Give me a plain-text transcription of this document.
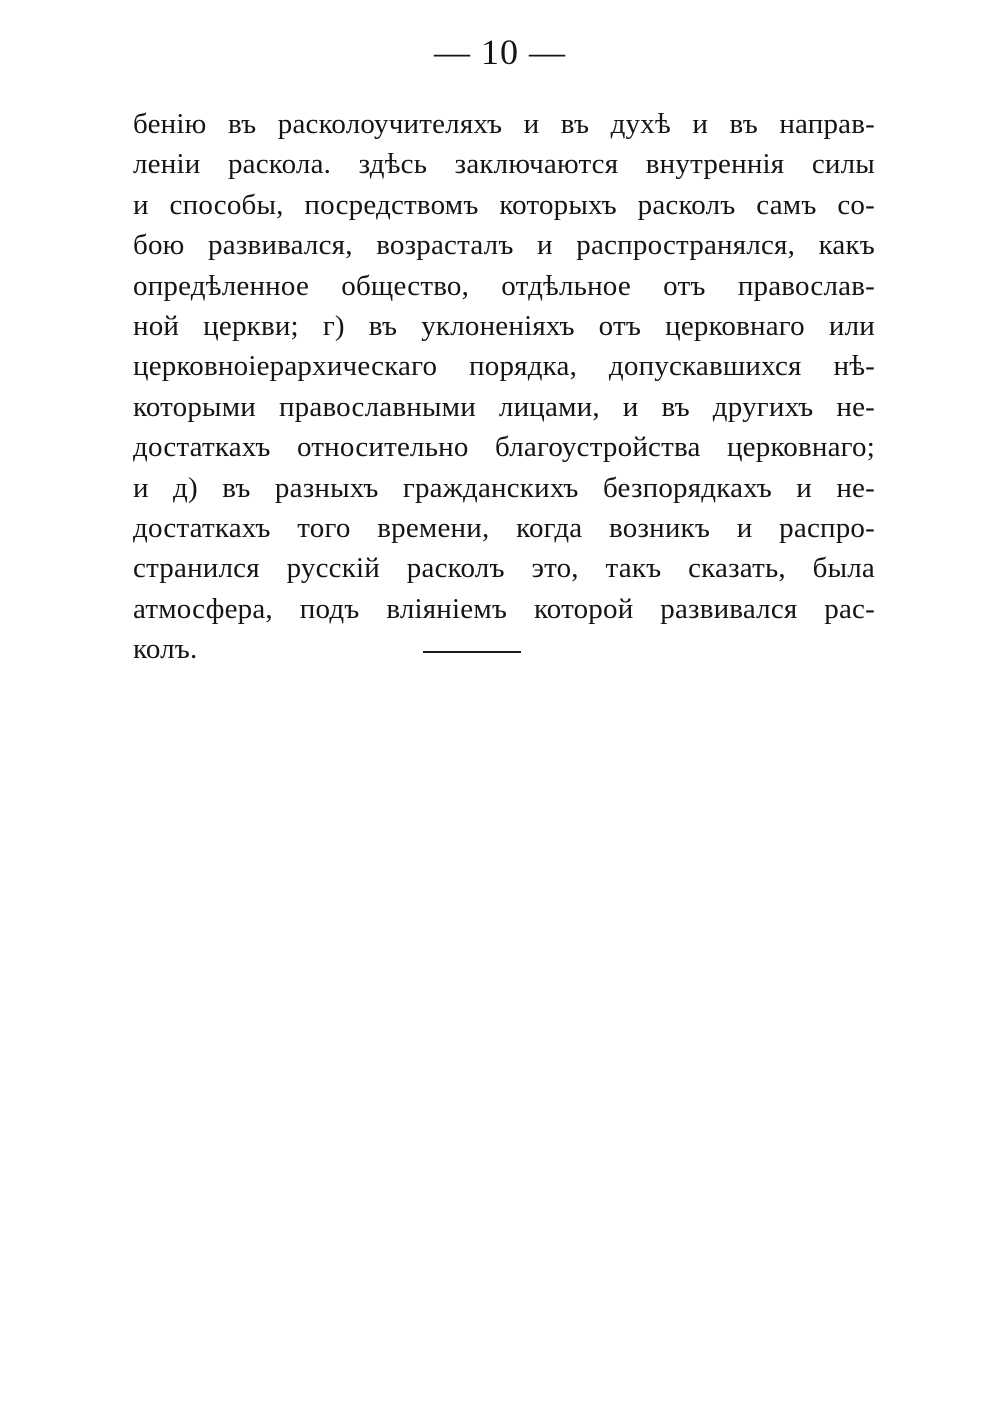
— 10 —
бенію въ расколоучителяхъ и въ духѣ и въ направ-
леніи раскола. здѣсь заключаются внутреннія силы
и способы, посредствомъ которыхъ расколъ самъ со-
бою развивался, возрасталъ и распространялся, какъ
опредѣленное общество, отдѣльное отъ православ-
ной церкви; г) въ уклоненіяхъ отъ церковнаго или
церковноіерархическаго порядка, допускавшихся нѣ-
которыми православными лицами, и въ другихъ не-
достаткахъ относительно благоустройства церковнаго;
и д) въ разныхъ гражданскихъ безпорядкахъ и не-
достаткахъ того времени, когда возникъ и распро-
странился русскій расколъ это, такъ сказать, была
атмосфера, подъ вліяніемъ которой развивался рас-
колъ.
